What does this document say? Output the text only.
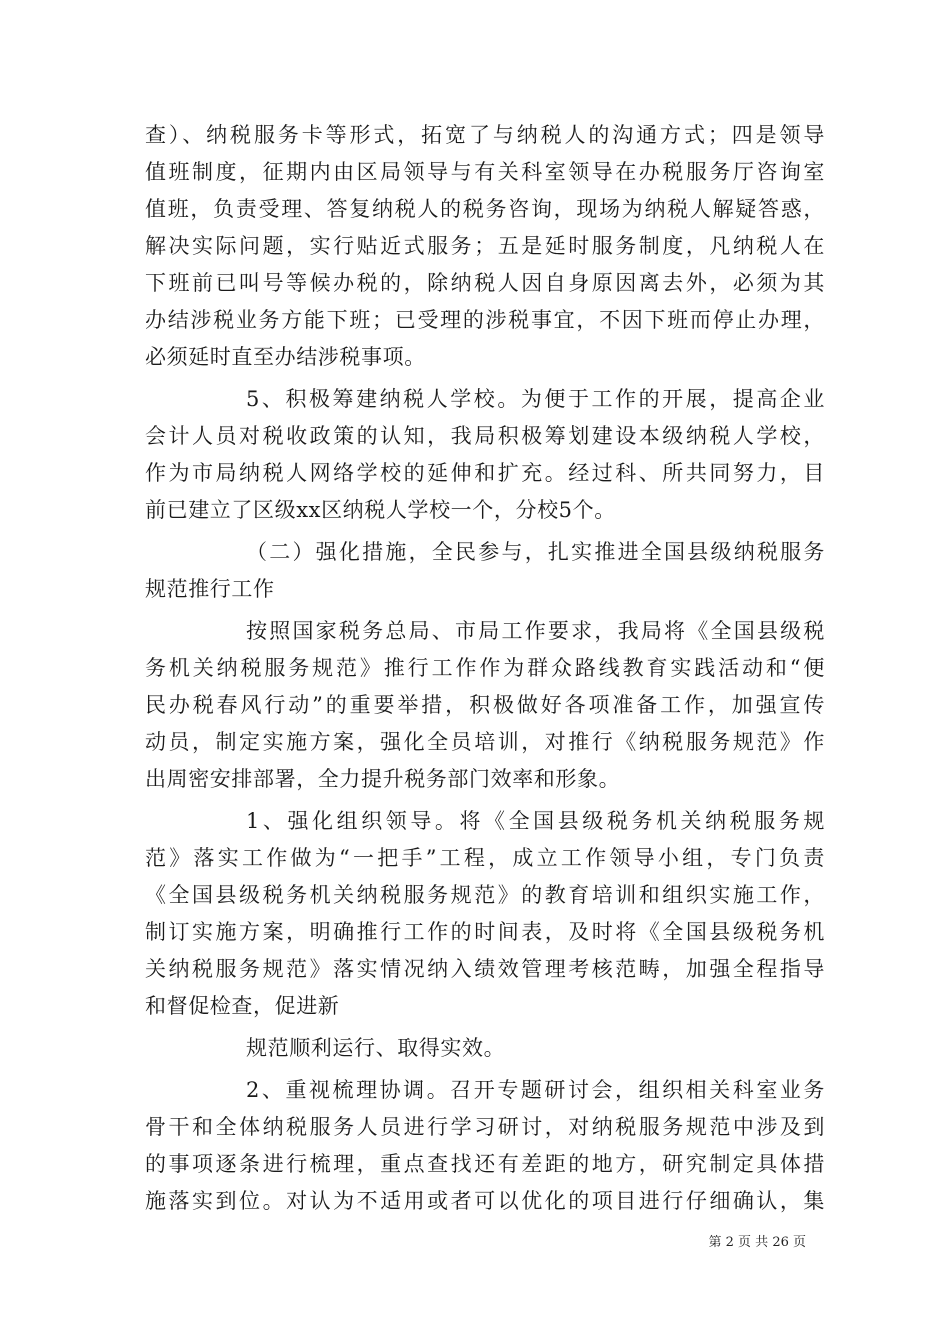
查）、纳税服务卡等形式，拓宽了与纳税人的沟通方式；四是领导
值班制度，征期内由区局领导与有关科室领导在办税服务厅咨询室
值班，负责受理、答复纳税人的税务咨询，现场为纳税人解疑答惑，
解决实际问题，实行贴近式服务；五是延时服务制度，凡纳税人在
下班前已叫号等候办税的，除纳税人因自身原因离去外，必须为其
办结涉税业务方能下班；已受理的涉税事宜，不因下班而停止办理，
必须延时直至办结涉税事项。
5、积极筹建纳税人学校。为便于工作的开展，提高企业
会计人员对税收政策的认知，我局积极筹划建设本级纳税人学校，
作为市局纳税人网络学校的延伸和扩充。经过科、所共同努力，目
前已建立了区级xx区纳税人学校一个，分校5个。
（二）强化措施，全民参与，扎实推进全国县级纳税服务
规范推行工作
按照国家税务总局、市局工作要求，我局将《全国县级税
务机关纳税服务规范》推行工作作为群众路线教育实践活动和“便
民办税春风行动”的重要举措，积极做好各项准备工作，加强宣传
动员，制定实施方案，强化全员培训，对推行《纳税服务规范》作
出周密安排部署，全力提升税务部门效率和形象。
1、强化组织领导。将《全国县级税务机关纳税服务规
范》落实工作做为“一把手”工程，成立工作领导小组，专门负责
《全国县级税务机关纳税服务规范》的教育培训和组织实施工作，
制订实施方案，明确推行工作的时间表，及时将《全国县级税务机
关纳税服务规范》落实情况纳入绩效管理考核范畴，加强全程指导
和督促检查，促进新
规范顺利运行、取得实效。
2、重视梳理协调。召开专题研讨会，组织相关科室业务
骨干和全体纳税服务人员进行学习研讨，对纳税服务规范中涉及到
的事项逐条进行梳理，重点查找还有差距的地方，研究制定具体措
施落实到位。对认为不适用或者可以优化的项目进行仔细确认，集
第 2 页 共 26 页
